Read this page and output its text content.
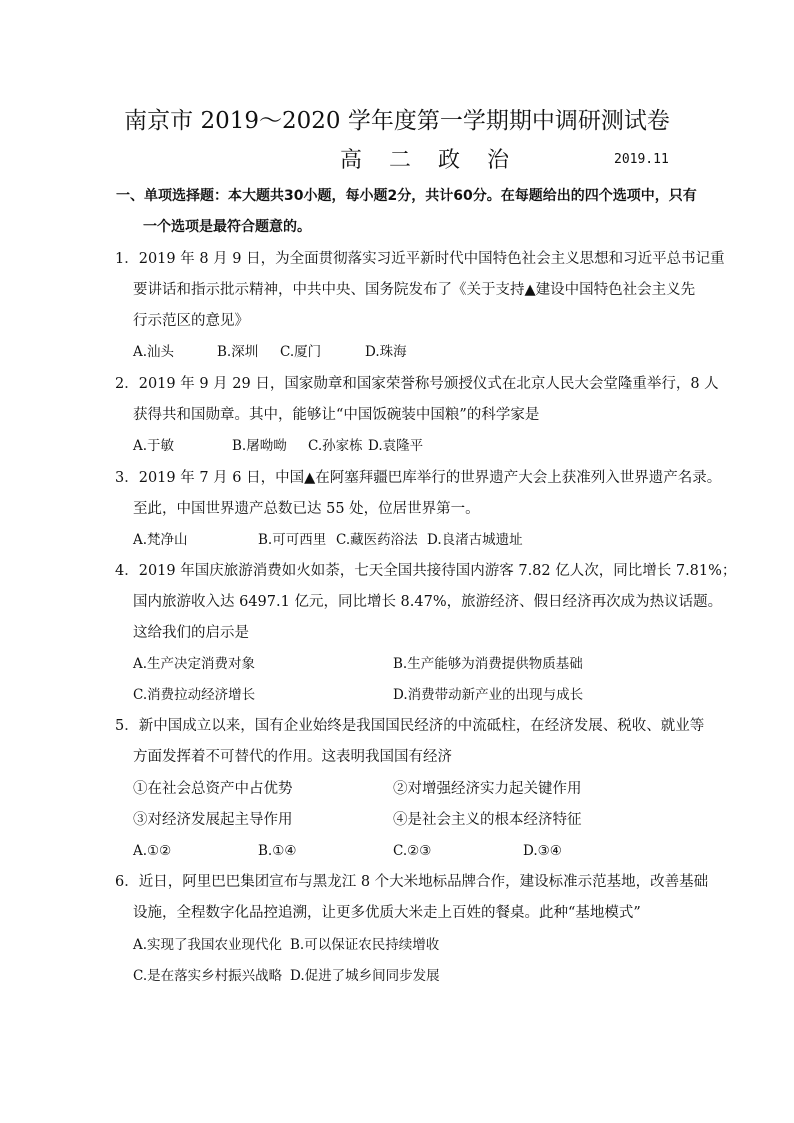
南京市 2019～2020 学年度第一学期期中调研测试卷
高 二 政 治	2019.11
一、单项选择题：本大题共30小题，每小题2分，共计60分。在每题给出的四个选项中，只有
一个选项是最符合题意的。
1．2019 年 8 月 9 日，为全面贯彻落实习近平新时代中国特色社会主义思想和习近平总书记重
要讲话和指示批示精神，中共中央、国务院发布了《关于支持▲建设中国特色社会主义先
行示范区的意见》
A.汕头	B.深圳 C.厦门	D.珠海
2．2019 年 9 月 29 日，国家勋章和国家荣誉称号颁授仪式在北京人民大会堂隆重举行，8 人
获得共和国勋章。其中，能够让“中国饭碗装中国粮”的科学家是
A.于敏	B.屠呦呦 C.孙家栋 D.袁隆平
3．2019 年 7 月 6 日，中国▲在阿塞拜疆巴库举行的世界遗产大会上获准列入世界遗产名录。
至此，中国世界遗产总数已达 55 处，位居世界第一。
A.梵净山	B.可可西里 C.藏医药浴法 D.良渚古城遗址
4．2019 年国庆旅游消费如火如荼，七天全国共接待国内游客 7.82 亿人次，同比增长 7.81%；
国内旅游收入达 6497.1 亿元，同比增长 8.47%，旅游经济、假日经济再次成为热议话题。
这给我们的启示是
A.生产决定消费对象	B.生产能够为消费提供物质基础
C.消费拉动经济增长	D.消费带动新产业的出现与成长
5．新中国成立以来，国有企业始终是我国国民经济的中流砥柱，在经济发展、税收、就业等
方面发挥着不可替代的作用。这表明我国国有经济
①在社会总资产中占优势	②对增强经济实力起关键作用
③对经济发展起主导作用	④是社会主义的根本经济特征
A.①②	B.①④	C.②③	D.③④
6．近日，阿里巴巴集团宣布与黑龙江 8 个大米地标品牌合作，建设标准示范基地，改善基础
设施，全程数字化品控追溯，让更多优质大米走上百姓的餐桌。此种“基地模式”
A.实现了我国农业现代化 B.可以保证农民持续增收
C.是在落实乡村振兴战略 D.促进了城乡间同步发展
